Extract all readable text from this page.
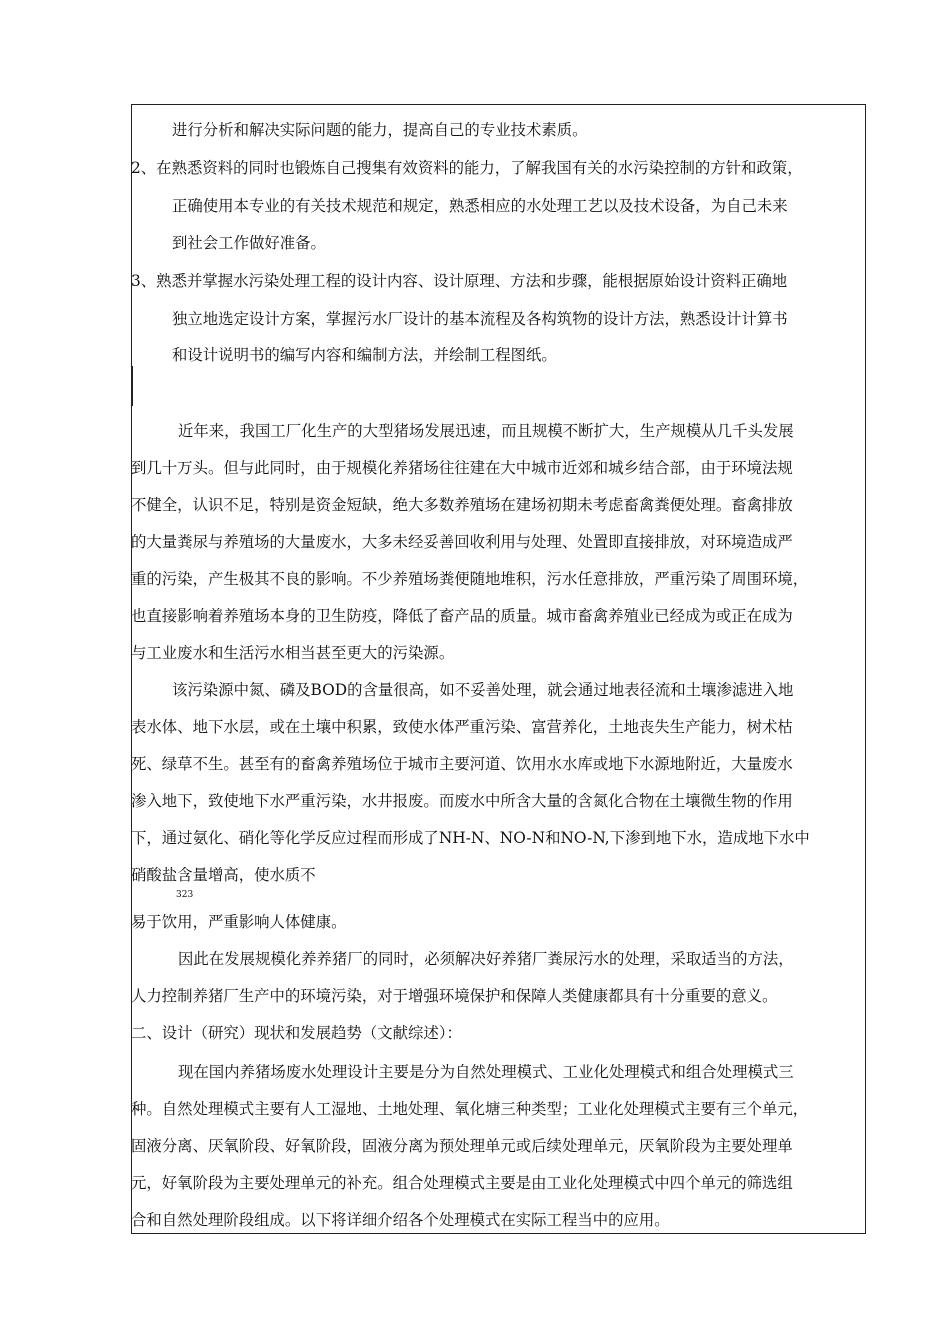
进行分析和解决实际问题的能力，提高自己的专业技术素质。
2、在熟悉资料的同时也锻炼自己搜集有效资料的能力，了解我国有关的水污染控制的方针和政策，
正确使用本专业的有关技术规范和规定，熟悉相应的水处理工艺以及技术设备，为自己未来
到社会工作做好准备。
3、熟悉并掌握水污染处理工程的设计内容、设计原理、方法和步骤，能根据原始设计资料正确地
独立地选定设计方案，掌握污水厂设计的基本流程及各构筑物的设计方法，熟悉设计计算书
和设计说明书的编写内容和编制方法，并绘制工程图纸。
近年来，我国工厂化生产的大型猪场发展迅速，而且规模不断扩大，生产规模从几千头发展
到几十万头。但与此同时，由于规模化养猪场往往建在大中城市近郊和城乡结合部，由于环境法规
不健全，认识不足，特别是资金短缺，绝大多数养殖场在建场初期未考虑畜禽粪便处理。畜禽排放
的大量粪尿与养殖场的大量废水，大多未经妥善回收利用与处理、处置即直接排放，对环境造成严
重的污染，产生极其不良的影响。不少养殖场粪便随地堆积，污水任意排放，严重污染了周围环境，
也直接影响着养殖场本身的卫生防疫，降低了畜产品的质量。城市畜禽养殖业已经成为或正在成为
与工业废水和生活污水相当甚至更大的污染源。
该污染源中氮、磷及BOD的含量很高，如不妥善处理，就会通过地表径流和土壤渗滤进入地
表水体、地下水层，或在土壤中积累，致使水体严重污染、富营养化，土地丧失生产能力，树术枯
死、绿草不生。甚至有的畜禽养殖场位于城市主要河道、饮用水水库或地下水源地附近，大量废水
渗入地下，致使地下水严重污染，水井报废。而废水中所含大量的含氮化合物在土壤微生物的作用
下，通过氨化、硝化等化学反应过程而形成了NH-N、NO-N和NO-N,下渗到地下水，造成地下水中
硝酸盐含量增高，使水质不
323
易于饮用，严重影响人体健康。
因此在发展规模化养养猪厂的同时，必须解决好养猪厂粪尿污水的处理，采取适当的方法，
人力控制养猪厂生产中的环境污染，对于增强环境保护和保障人类健康都具有十分重要的意义。
二、设计（研究）现状和发展趋势（文献综述）：
现在国内养猪场废水处理设计主要是分为自然处理模式、工业化处理模式和组合处理模式三
种。自然处理模式主要有人工湿地、土地处理、氧化塘三种类型；工业化处理模式主要有三个单元，
固液分离、厌氧阶段、好氧阶段，固液分离为预处理单元或后续处理单元，厌氧阶段为主要处理单
元，好氧阶段为主要处理单元的补充。组合处理模式主要是由工业化处理模式中四个单元的筛选组
合和自然处理阶段组成。以下将详细介绍各个处理模式在实际工程当中的应用。
